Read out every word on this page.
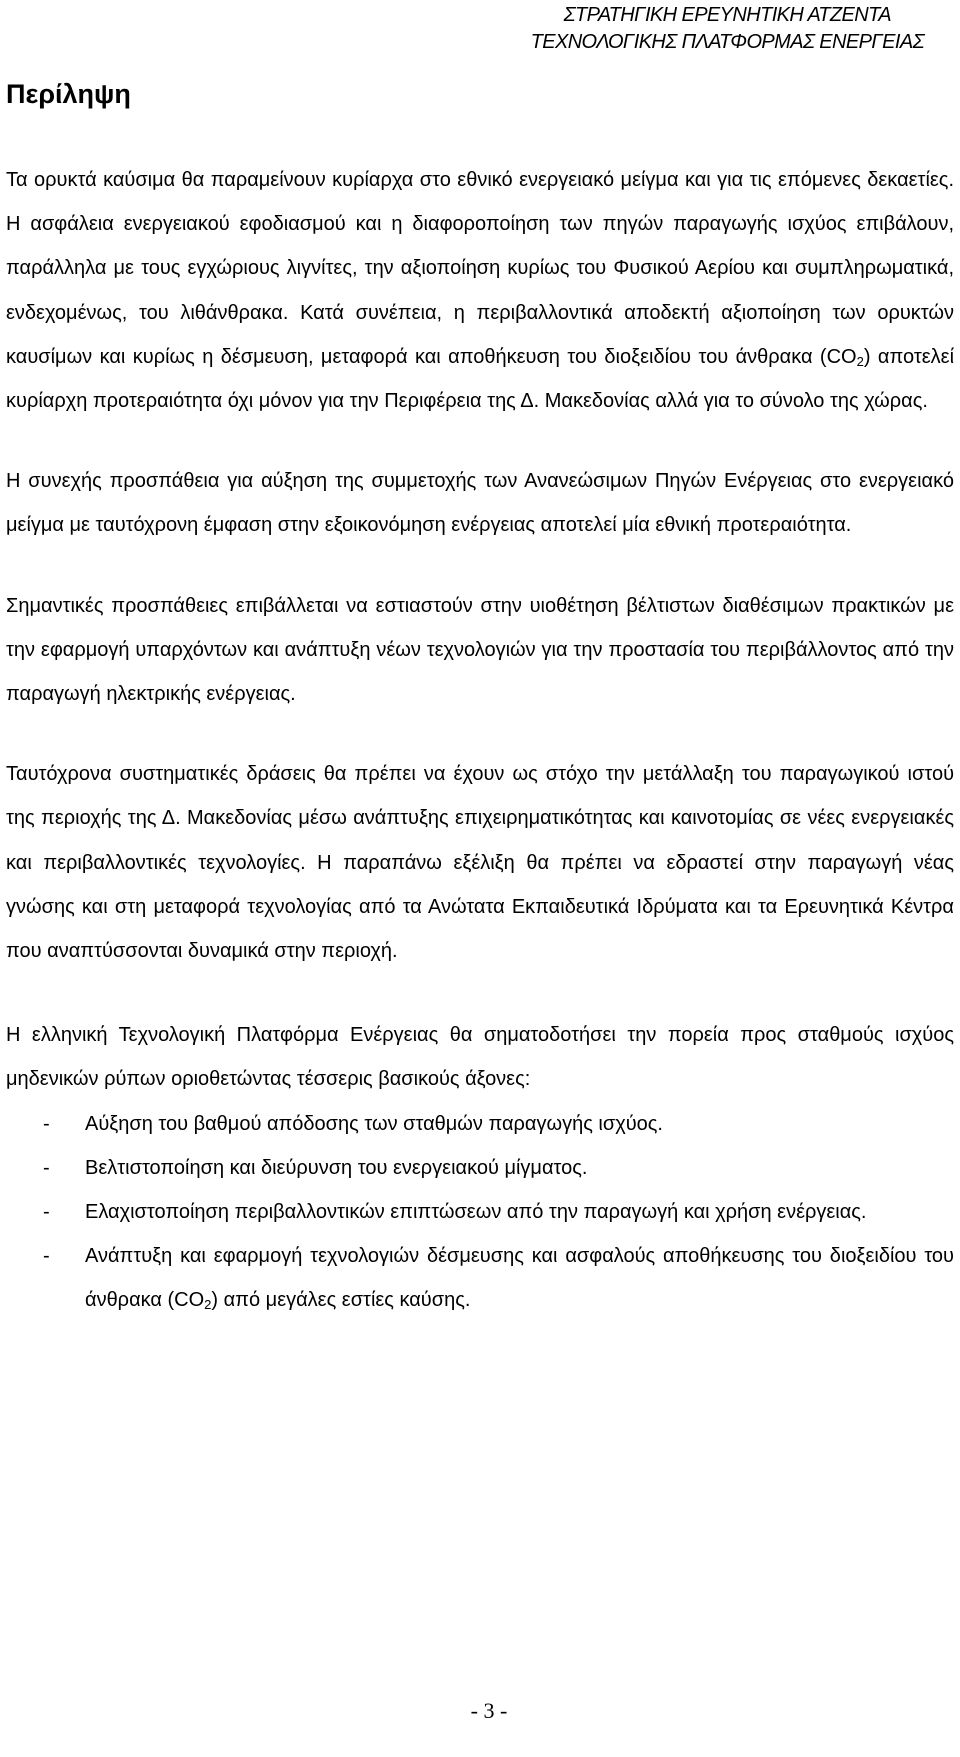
ΣΤΡΑΤΗΓΙΚΗ ΕΡΕΥΝΗΤΙΚΗ ΑΤΖΕΝΤΑ
ΤΕΧΝΟΛΟΓΙΚΗΣ ΠΛΑΤΦΟΡΜΑΣ ΕΝΕΡΓΕΙΑΣ
Περίληψη

Τα ορυκτά καύσιμα θα παραμείνουν κυρίαρχα στο εθνικό ενεργειακό μείγμα και για τις επόμενες δεκαετίες. Η ασφάλεια ενεργειακού εφοδιασμού και η διαφοροποίηση των πηγών παραγωγής ισχύος επιβάλουν, παράλληλα με τους εγχώριους λιγνίτες, την αξιοποίηση κυρίως του Φυσικού Αερίου και συμπληρωματικά, ενδεχομένως, του λιθάνθρακα. Κατά συνέπεια, η περιβαλλοντικά αποδεκτή αξιοποίηση των ορυκτών καυσίμων και κυρίως η δέσμευση, μεταφορά και αποθήκευση του διοξειδίου του άνθρακα $(CO_2)$ αποτελεί κυρίαρχη προτεραιότητα όχι μόνον για την Περιφέρεια της Δ. Μακεδονίας αλλά για το σύνολο της χώρας.

Η συνεχής προσπάθεια για αύξηση της συμμετοχής των Ανανεώσιμων Πηγών Ενέργειας στο ενεργειακό μείγμα με ταυτόχρονη έμφαση στην εξοικονόμηση ενέργειας αποτελεί μία εθνική προτεραιότητα.

Σημαντικές προσπάθειες επιβάλλεται να εστιαστούν στην υιοθέτηση βέλτιστων διαθέσιμων πρακτικών με την εφαρμογή υπαρχόντων και ανάπτυξη νέων τεχνολογιών για την προστασία του περιβάλλοντος από την παραγωγή ηλεκτρικής ενέργειας.

Ταυτόχρονα συστηματικές δράσεις θα πρέπει να έχουν ως στόχο την μετάλλαξη του παραγωγικού ιστού της περιοχής της Δ. Μακεδονίας μέσω ανάπτυξης επιχειρηματικότητας και καινοτομίας σε νέες ενεργειακές και περιβαλλοντικές τεχνολογίες. Η παραπάνω εξέλιξη θα πρέπει να εδραστεί στην παραγωγή νέας γνώσης και στη μεταφορά τεχνολογίας από τα Ανώτατα Εκπαιδευτικά Ιδρύματα και τα Ερευνητικά Κέντρα που αναπτύσσονται δυναμικά στην περιοχή.

Η ελληνική Τεχνολογική Πλατφόρμα Ενέργειας θα σηματοδοτήσει την πορεία προς σταθμούς ισχύος μηδενικών ρύπων οριοθετώντας τέσσερις βασικούς άξονες:

- Αύξηση του βαθμού απόδοσης των σταθμών παραγωγής ισχύος.
- Βελτιστοποίηση και διεύρυνση του ενεργειακού μίγματος.
- Ελαχιστοποίηση περιβαλλοντικών επιπτώσεων από την παραγωγή και χρήση ενέργειας.
- Ανάπτυξη και εφαρμογή τεχνολογιών δέσμευσης και ασφαλούς αποθήκευσης του διοξειδίου του άνθρακα $(CO_2)$ από μεγάλες εστίες καύσης.
- 3 -
